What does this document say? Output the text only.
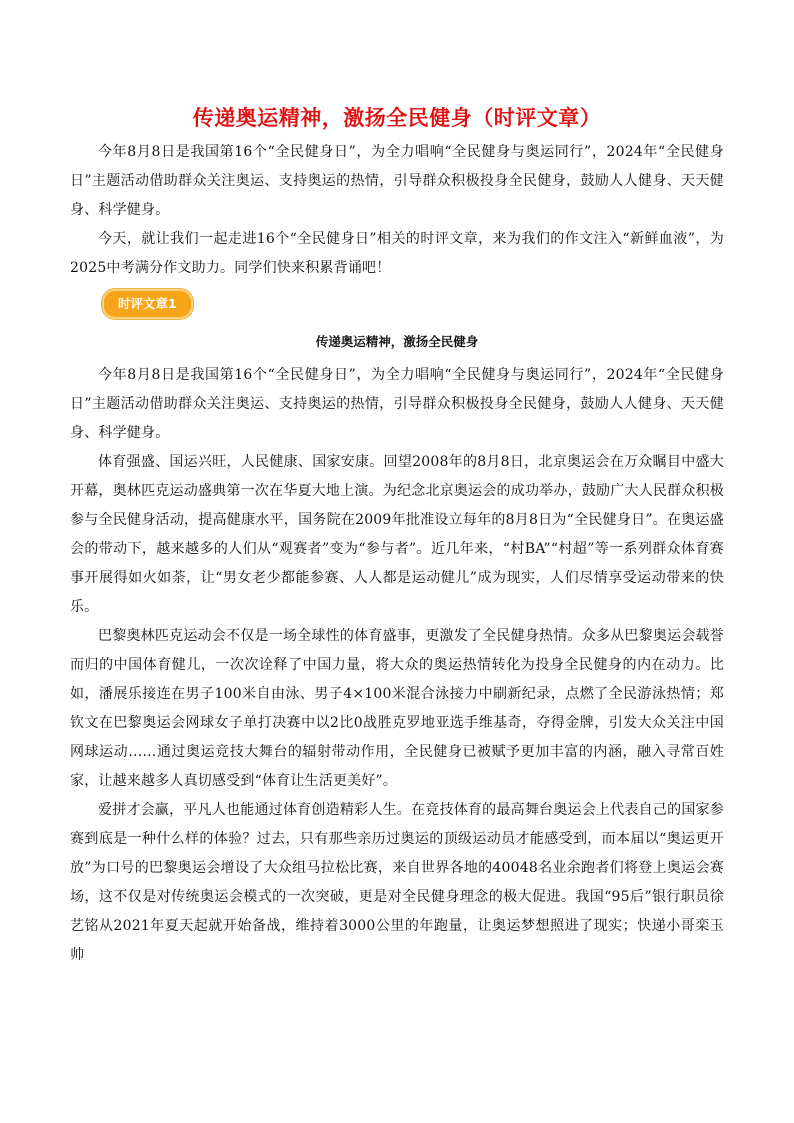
传递奥运精神，激扬全民健身（时评文章）

今年8月8日是我国第16个“全民健身日”，为全力唱响“全民健身与奥运同行”，2024年“全民健身日”主题活动借助群众关注奥运、支持奥运的热情，引导群众积极投身全民健身，鼓励人人健身、天天健身、科学健身。

今天，就让我们一起走进16个“全民健身日”相关的时评文章，来为我们的作文注入“新鲜血液”，为2025中考满分作文助力。同学们快来积累背诵吧！

时评文章1
传递奥运精神，激扬全民健身

今年8月8日是我国第16个“全民健身日”，为全力唱响“全民健身与奥运同行”，2024年“全民健身日”主题活动借助群众关注奥运、支持奥运的热情，引导群众积极投身全民健身，鼓励人人健身、天天健身、科学健身。

体育强盛、国运兴旺，人民健康、国家安康。回望2008年的8月8日，北京奥运会在万众瞩目中盛大开幕，奥林匹克运动盛典第一次在华夏大地上演。为纪念北京奥运会的成功举办，鼓励广大人民群众积极参与全民健身活动，提高健康水平，国务院在2009年批准设立每年的8月8日为“全民健身日”。在奥运盛会的带动下，越来越多的人们从“观赛者”变为“参与者”。近几年来，“村BA”“村超”等一系列群众体育赛事开展得如火如荼，让“男女老少都能参赛、人人都是运动健儿”成为现实，人们尽情享受运动带来的快乐。

巴黎奥林匹克运动会不仅是一场全球性的体育盛事，更激发了全民健身热情。众多从巴黎奥运会载誉而归的中国体育健儿，一次次诠释了中国力量，将大众的奥运热情转化为投身全民健身的内在动力。比如，潘展乐接连在男子100米自由泳、男子4×100米混合泳接力中刷新纪录，点燃了全民游泳热情；郑钦文在巴黎奥运会网球女子单打决赛中以2比0战胜克罗地亚选手维基奇，夺得金牌，引发大众关注中国网球运动……通过奥运竞技大舞台的辐射带动作用，全民健身已被赋予更加丰富的内涵，融入寻常百姓家，让越来越多人真切感受到“体育让生活更美好”。

爱拼才会赢，平凡人也能通过体育创造精彩人生。在竞技体育的最高舞台奥运会上代表自己的国家参赛到底是一种什么样的体验？过去，只有那些亲历过奥运的顶级运动员才能感受到，而本届以“奥运更开放”为口号的巴黎奥运会增设了大众组马拉松比赛，来自世界各地的40048名业余跑者们将登上奥运会赛场，这不仅是对传统奥运会模式的一次突破，更是对全民健身理念的极大促进。我国“95后”银行职员徐艺铭从2021年夏天起就开始备战，维持着3000公里的年跑量，让奥运梦想照进了现实；快递小哥栾玉帅
